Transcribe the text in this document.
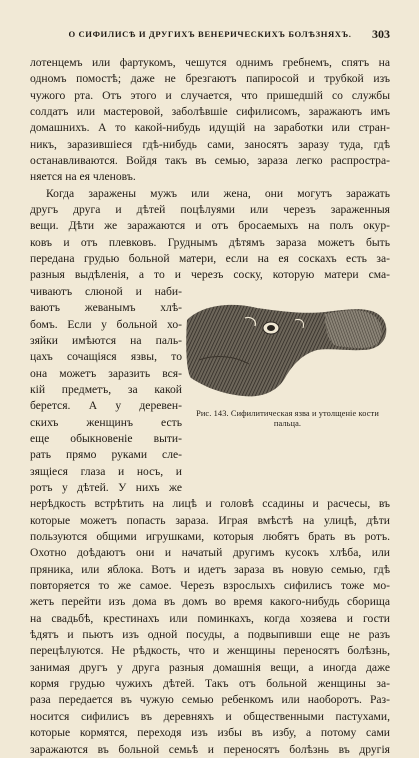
О СИФИЛИСѢ И ДРУГИХЪ ВЕНЕРИЧЕСКИХЪ БОЛѢЗНЯХЪ.	303
лотенцемъ или фартукомъ, чешутся однимъ гребнемъ, спятъ на
одномъ помостѣ; даже не брезгаютъ папиросой и трубкой изъ
чужого рта. Отъ этого и случается, что пришедшій со службы
солдатъ или мастеровой, заболѣвшіе сифилисомъ, заражаютъ имъ
домашнихъ. А то какой-нибудь идущій на заработки или стран-
никъ, заразившіеся гдѣ-нибудь сами, заносятъ заразу туда, гдѣ
останавливаются. Войдя такъ въ семью, зараза легко распростра-
няется на ея членовъ.
Когда заражены мужъ или жена, они могутъ заражать
другъ друга и дѣтей поцѣлуями или черезъ зараженныя
вещи. Дѣти же заражаются и отъ бросаемыхъ на полъ окур-
ковъ и отъ плевковъ. Груднымъ дѣтямъ зараза можетъ быть
передана грудью больной матери, если на ея соскахъ есть за-
разныя выдѣленія, а то и черезъ соску, которую матери сма-
чиваютъ слюной и наби-
ваютъ жеванымъ хлѣ-
бомъ. Если у больной хо-
зяйки имѣются на паль-
цахъ сочащіяся язвы, то
она можетъ заразить вся-
кій предметъ, за какой
берется. А у деревен-
скихъ женщинъ есть
еще обыкновеніе выти-
Рис. 143. Сифилитическая язва и утолщеніе кости пальца.
рать прямо руками сле-
зящіеся глаза и носъ, и
ротъ у дѣтей. У нихъ же
нерѣдкость встрѣтить на лицѣ и головѣ ссадины и расчесы, въ
которые можетъ попасть зараза. Играя вмѣстѣ на улицѣ, дѣти
пользуются общими игрушками, которыя любятъ брать въ ротъ.
Охотно доѣдаютъ они и начатый другимъ кусокъ хлѣба, или
пряника, или яблока. Вотъ и идетъ зараза въ новую семью, гдѣ
повторяется то же самое. Черезъ взрослыхъ сифилисъ тоже мо-
жетъ перейти изъ дома въ домъ во время какого-нибудь сборища
на свадьбѣ, крестинахъ или поминкахъ, когда хозяева и гости
ѣдятъ и пьютъ изъ одной посуды, а подвыпивши еще не разъ
перецѣлуются. Не рѣдкость, что и женщины переносятъ болѣзнь,
занимая другъ у друга разныя домашнія вещи, а иногда даже
кормя грудью чужихъ дѣтей. Такъ отъ больной женщины за-
раза передается въ чужую семью ребенкомъ или наоборотъ. Раз-
носится сифилисъ въ деревняхъ и общественными пастухами,
которые кормятся, переходя изъ избы въ избу, а потому сами
заражаются въ больной семьѣ и переносятъ болѣзнь въ другія
